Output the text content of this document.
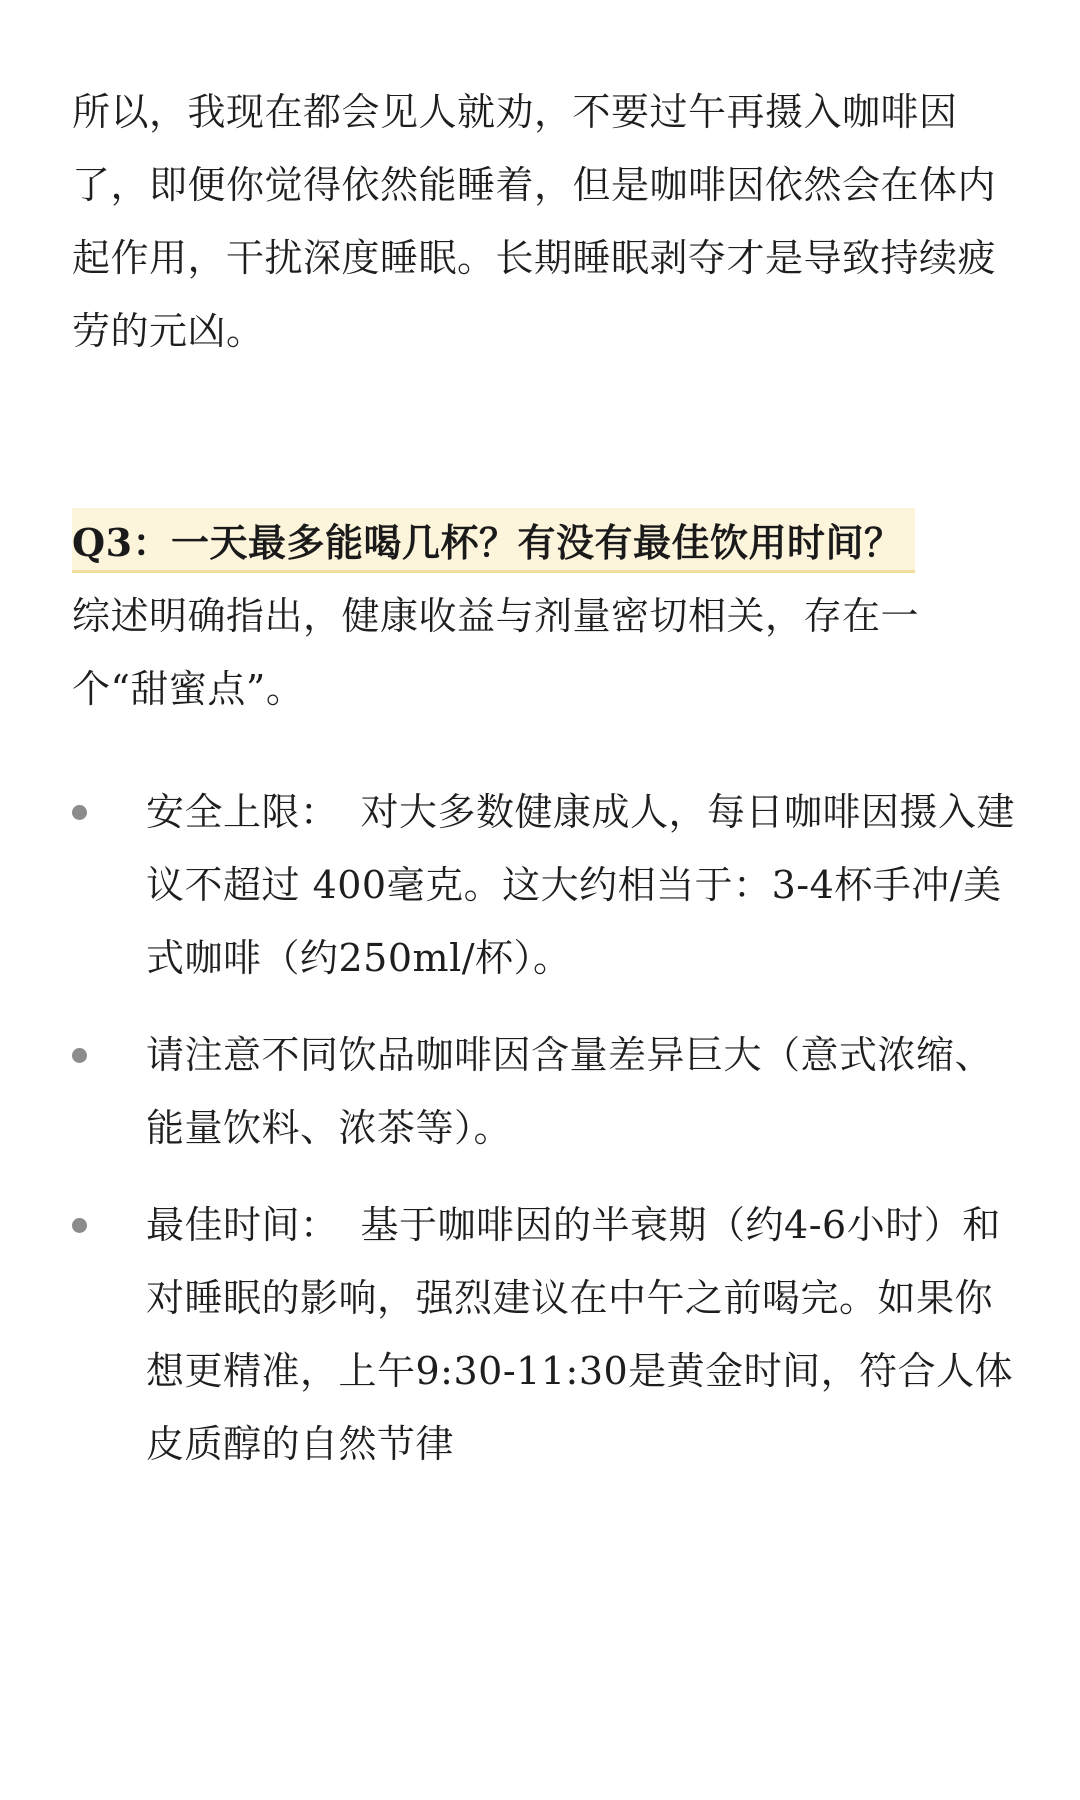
所以，我现在都会见人就劝，不要过午再摄入咖啡因了，即便你觉得依然能睡着，但是咖啡因依然会在体内起作用，干扰深度睡眠。长期睡眠剥夺才是导致持续疲劳的元凶。

Q3：一天最多能喝几杯？有没有最佳饮用时间？

综述明确指出，健康收益与剂量密切相关，存在一个“甜蜜点”。

安全上限： 对大多数健康成人，每日咖啡因摄入建议不超过 400毫克。这大约相当于：3-4杯手冲/美式咖啡（约250ml/杯）。
请注意不同饮品咖啡因含量差异巨大（意式浓缩、能量饮料、浓茶等）。
最佳时间： 基于咖啡因的半衰期（约4-6小时）和对睡眠的影响，强烈建议在中午之前喝完。如果你想更精准，上午9:30-11:30是黄金时间，符合人体皮质醇的自然节律
